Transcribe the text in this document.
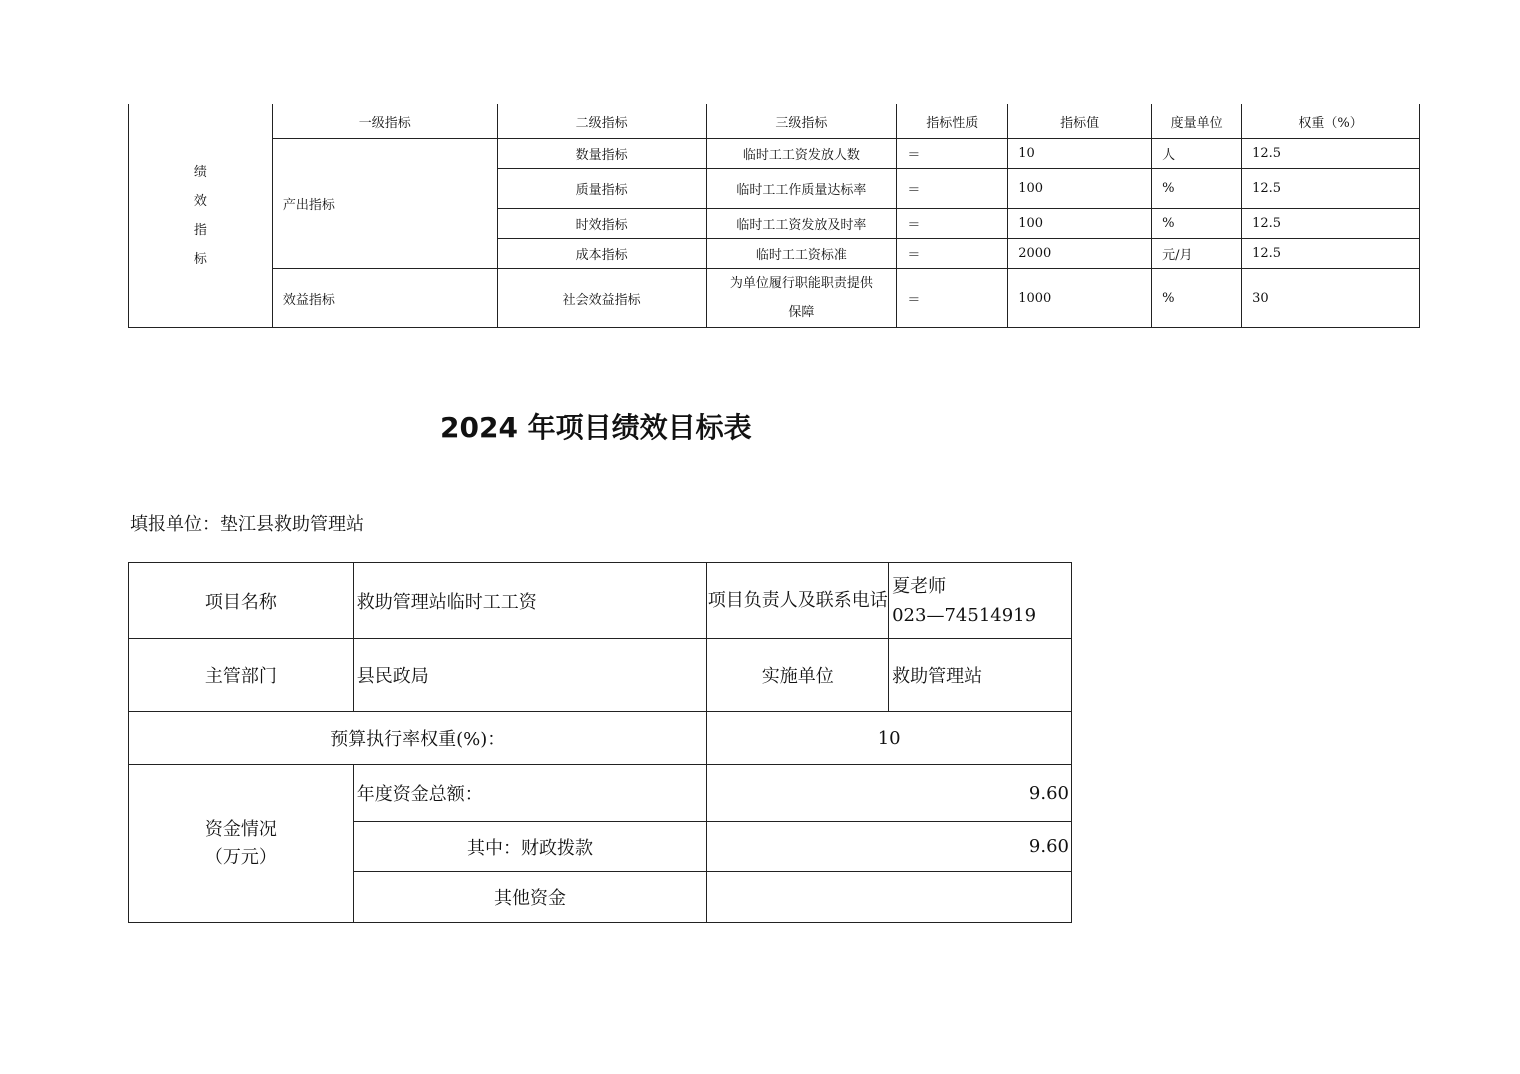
绩
效
指
标	一级指标	二级指标	三级指标	指标性质	指标值	度量单位	权重（%）
	产出指标	数量指标	临时工工资发放人数	＝	10	人	12.5
		质量指标	临时工工作质量达标率	＝	100	%	12.5
		时效指标	临时工工资发放及时率	＝	100	%	12.5
		成本指标	临时工工资标准	＝	2000	元/月	12.5
	效益指标	社会效益指标	为单位履行职能职责提供
保障	＝	1000	%	30
2024 年项目绩效目标表
填报单位：垫江县救助管理站
项目名称	救助管理站临时工工资	项目负责人及联系电话	夏老师
023—74514919
主管部门	县民政局	实施单位	救助管理站
预算执行率权重(%)：		10	
资金情况
（万元）	年度资金总额：	9.60	
	其中：财政拨款	9.60	
	其他资金		
